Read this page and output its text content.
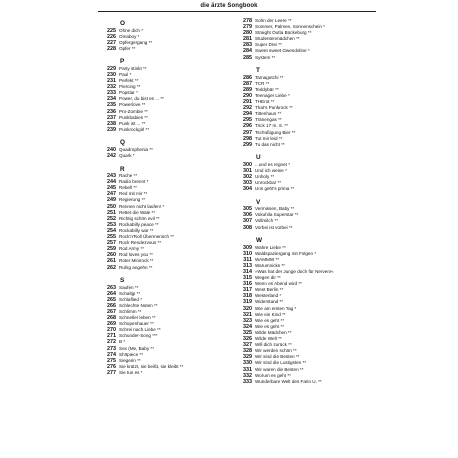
die ärzte Songbook
O
225 Ohne dich *
226 Omaboy *
227 Opfergergang **
228 Opfer **
P
229 Party stinkt **
230 Paul *
231 Perfekt **
232 Piercing **
233 Popstar *
234 Power, du bist es ... **
235 Powerlove **
236 Pro-Zombie **
237 Punkbabies **
238 Punk ist ... **
239 Punkrockgirl **
Q
240 Quadrophenia **
242 Quark *
R
243 Rache **
244 Radio brennt *
245 Rebell **
247 Red mit mir **
249 Regierung **
250 Rennen nicht laufen! *
251 Rettet die Wale **
252 Richtig schön evil **
253 Rockabilly peace **
254 Rockabilly war **
255 Rock'n'Roll Übermensch **
257 Rock Rendezvous **
259 Rod Army **
260 Rod loves you **
261 Roter Minirock **
262 Ruhig angehn **
S
263 Saufen **
264 Schaltjp **
265 Schlaflied *
266 Schlechte Noten **
267 Schlimm **
268 Schneller leben **
269 Schopenhauer **
270 Schrei nach Liebe **
271 Schunder-Song ***
272 Β *
273 Sex (Me, Baby **
274 Sh!tpiece **
275 Siegerin **
276 Sie kratzt, sie beißt, sie kleibt **
277 Sie tun es *
278 Sohn der Leere **
279 Sommer, Palmen, Sonnenschein *
280 Straight Outta Bückeburg **
281 Studentenmädchen **
283 Super Drei **
284 Sweet sweet Gwendoline *
285 System **
T
286 Tamagotchi **
287 TCR **
289 Teddybär **
290 Teenager Liebe *
291 THErot **
292 That's Punkrock **
294 Tittenhaus **
295 Tränengas **
296 Trick 17 m. S. **
297 Tschüßigung Bier **
298 Tut mir leid **
299 Tu das nicht **
U
300 ...und es regnet *
301 Und ich weine *
302 Unholy **
303 Unrockbar **
304 Uns geht's prima **
V
305 Vermissen, Baby **
306 Vokuhila Superstar **
307 Vollmilch **
308 Vorbei ist vorbei **
W
309 Wahre Liebe **
310 Waldspaziergang mit Folgen *
311 WAMMW **
313 Warumnicks **
314 »Was hat der Junge doch für Nerven!«
315 Wegen dir **
316 Wenn es Abend wird **
317 West Berlin **
318 Westerland *
319 Widerstand **
320 Wie am ersten Tag *
321 Wie ein Kind **
323 Wie es geht **
324 Wie es geht **
325 Wilde Mädchen **
326 Wilde Welt **
327 Will dich zurück **
328 Wir werden schön **
329 Wir sind die Besten **
330 Wir sind die Lustigsten **
331 Wir waren die Besten **
332 Worum es geht **
333 Wunderbare Welt des Farin U. **
